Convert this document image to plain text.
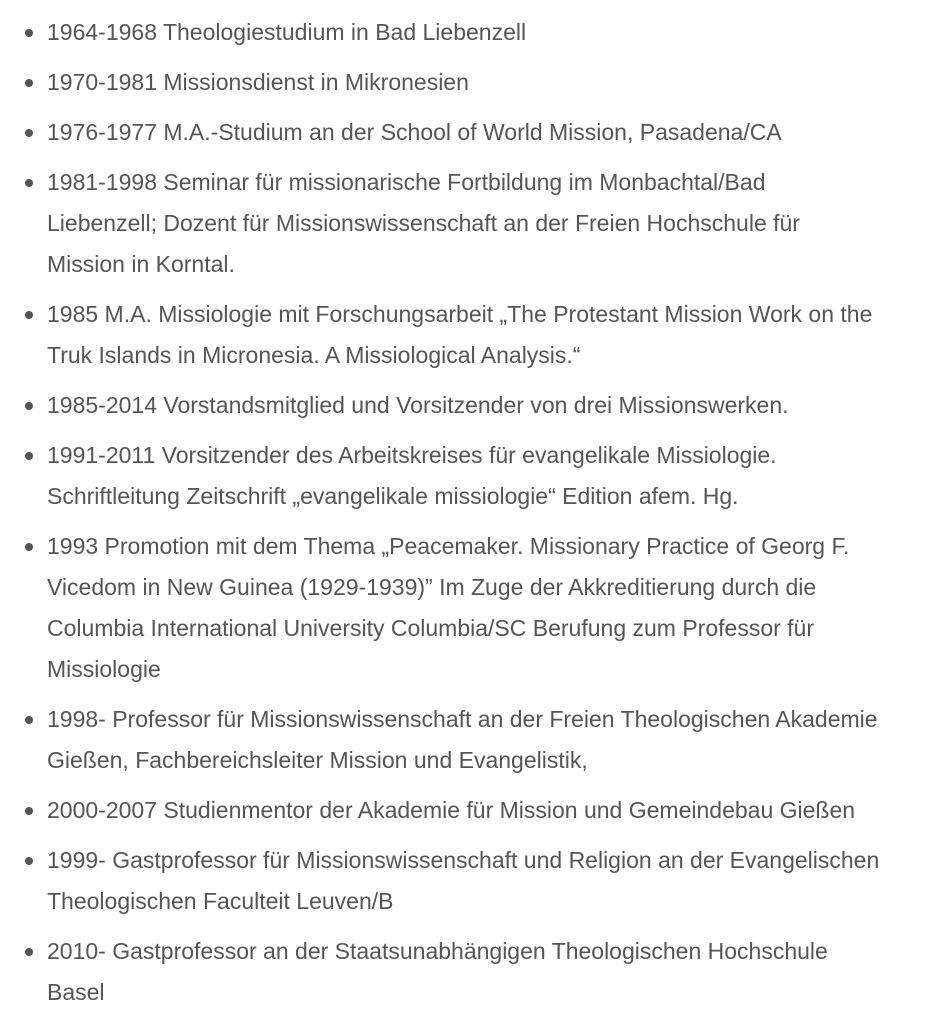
1964-1968 Theologiestudium in Bad Liebenzell
1970-1981 Missionsdienst in Mikronesien
1976-1977 M.A.-Studium an der School of World Mission, Pasadena/CA
1981-1998 Seminar für missionarische Fortbildung im Monbachtal/Bad Liebenzell; Dozent für Missionswissenschaft an der Freien Hochschule für Mission in Korntal.
1985 M.A. Missiologie mit Forschungsarbeit „The Protestant Mission Work on the Truk Islands in Micronesia. A Missiological Analysis.“
1985-2014 Vorstandsmitglied und Vorsitzender von drei Missionswerken.
1991-2011 Vorsitzender des Arbeitskreises für evangelikale Missiologie. Schriftleitung Zeitschrift „evangelikale missiologie“ Edition afem. Hg.
1993 Promotion mit dem Thema „Peacemaker. Missionary Practice of Georg F. Vicedom in New Guinea (1929-1939)” Im Zuge der Akkreditierung durch die Columbia International University Columbia/SC Berufung zum Professor für Missiologie
1998- Professor für Missionswissenschaft an der Freien Theologischen Akademie Gießen, Fachbereichsleiter Mission und Evangelistik,
2000-2007 Studienmentor der Akademie für Mission und Gemeindebau Gießen
1999- Gastprofessor für Missionswissenschaft und Religion an der Evangelischen Theologischen Faculteit Leuven/B
2010- Gastprofessor an der Staatsunabhängigen Theologischen Hochschule Basel
